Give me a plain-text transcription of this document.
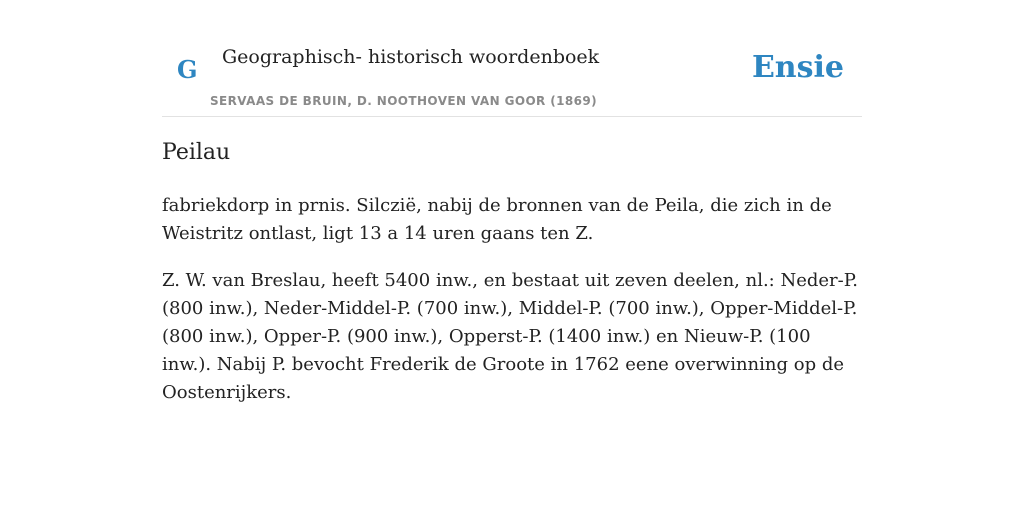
G Geographisch- historisch woordenboek
SERVAAS DE BRUIN, D. NOOTHOVEN VAN GOOR (1869)
Ensie
Peilau

fabriekdorp in prnis. Silczië, nabij de bronnen van de Peila, die zich in de Weistritz ontlast, ligt 13 a 14 uren gaans ten Z.

Z. W. van Breslau, heeft 5400 inw., en bestaat uit zeven deelen, nl.: Neder-P. (800 inw.), Neder-Middel-P. (700 inw.), Middel-P. (700 inw.), Opper-Middel-P. (800 inw.), Opper-P. (900 inw.), Opperst-P. (1400 inw.) en Nieuw-P. (100 inw.). Nabij P. bevocht Frederik de Groote in 1762 eene overwinning op de Oostenrijkers.
